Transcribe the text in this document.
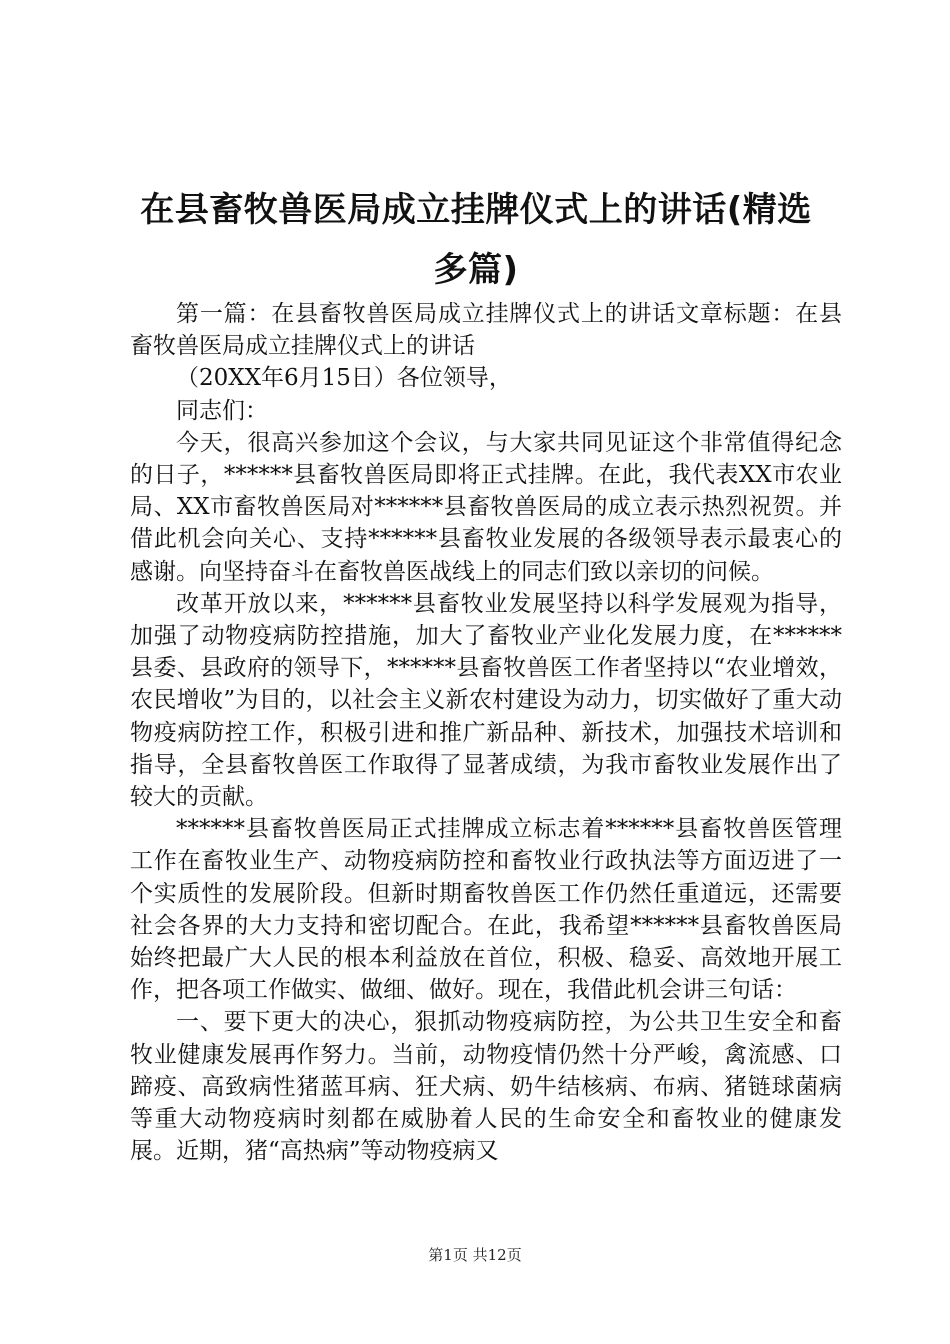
在县畜牧兽医局成立挂牌仪式上的讲话(精选
多篇)

第一篇：在县畜牧兽医局成立挂牌仪式上的讲话文章标题：在县畜牧兽医局成立挂牌仪式上的讲话

（20XX年6月15日）各位领导，

同志们：

今天，很高兴参加这个会议，与大家共同见证这个非常值得纪念的日子，******县畜牧兽医局即将正式挂牌。在此，我代表XX市农业局、XX市畜牧兽医局对******县畜牧兽医局的成立表示热烈祝贺。并借此机会向关心、支持******县畜牧业发展的各级领导表示最衷心的感谢。向坚持奋斗在畜牧兽医战线上的同志们致以亲切的问候。

改革开放以来，******县畜牧业发展坚持以科学发展观为指导，加强了动物疫病防控措施，加大了畜牧业产业化发展力度，在******县委、县政府的领导下，******县畜牧兽医工作者坚持以“农业增效，农民增收”为目的，以社会主义新农村建设为动力，切实做好了重大动物疫病防控工作，积极引进和推广新品种、新技术，加强技术培训和指导，全县畜牧兽医工作取得了显著成绩，为我市畜牧业发展作出了较大的贡献。

******县畜牧兽医局正式挂牌成立标志着******县畜牧兽医管理工作在畜牧业生产、动物疫病防控和畜牧业行政执法等方面迈进了一个实质性的发展阶段。但新时期畜牧兽医工作仍然任重道远，还需要社会各界的大力支持和密切配合。在此，我希望******县畜牧兽医局始终把最广大人民的根本利益放在首位，积极、稳妥、高效地开展工作，把各项工作做实、做细、做好。现在，我借此机会讲三句话：

一、要下更大的决心，狠抓动物疫病防控，为公共卫生安全和畜牧业健康发展再作努力。当前，动物疫情仍然十分严峻，禽流感、口蹄疫、高致病性猪蓝耳病、狂犬病、奶牛结核病、布病、猪链球菌病等重大动物疫病时刻都在威胁着人民的生命安全和畜牧业的健康发展。近期，猪“高热病”等动物疫病又

第1页 共12页
